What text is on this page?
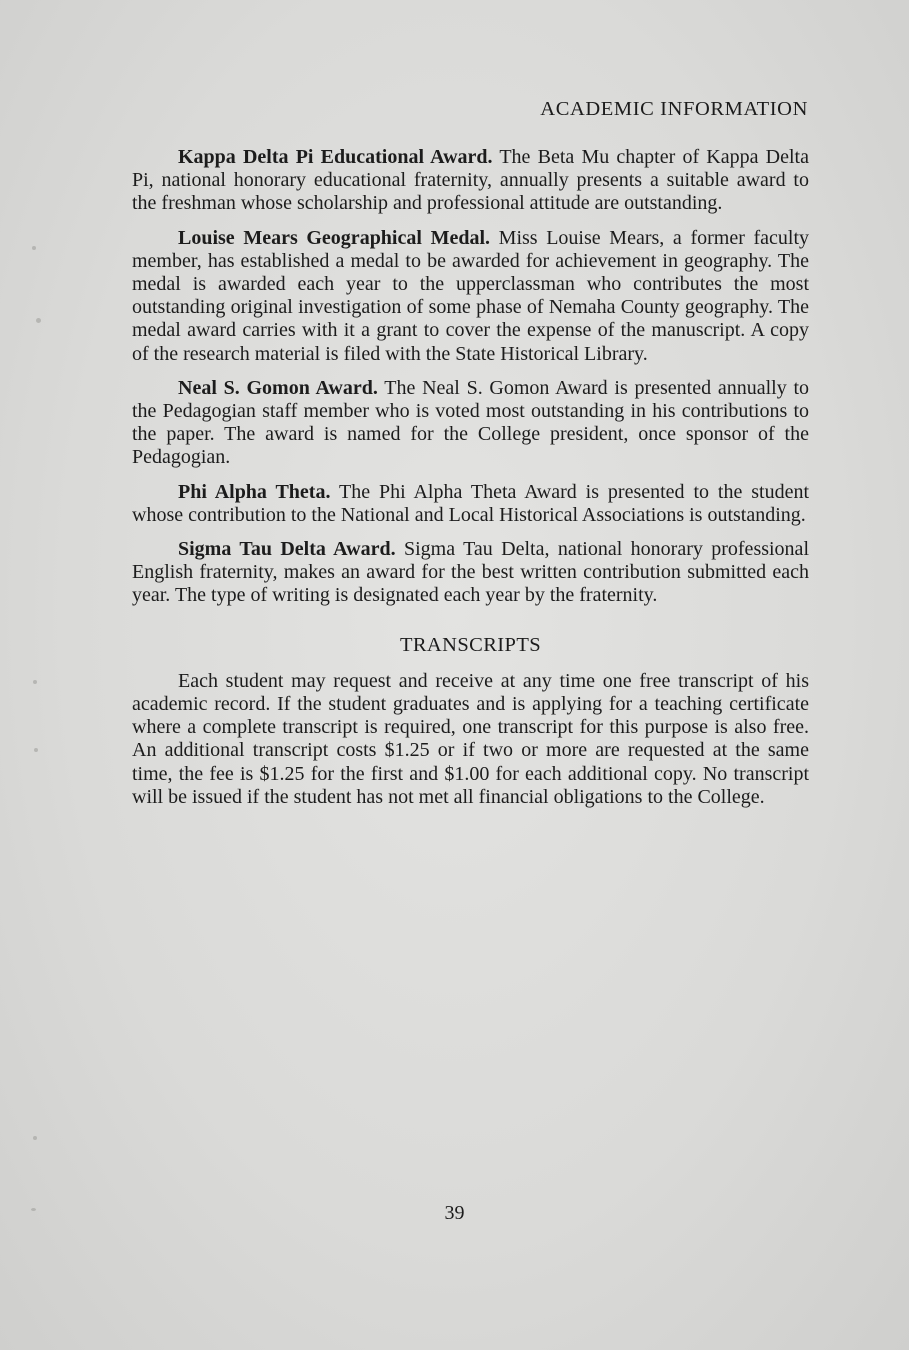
ACADEMIC INFORMATION

Kappa Delta Pi Educational Award. The Beta Mu chapter of Kappa Delta Pi, national honorary educational fraternity, annually presents a suitable award to the freshman whose scholarship and professional attitude are outstanding.

Louise Mears Geographical Medal. Miss Louise Mears, a former faculty member, has established a medal to be awarded for achievement in geography. The medal is awarded each year to the upperclassman who contributes the most outstanding original investigation of some phase of Nemaha County geography. The medal award carries with it a grant to cover the expense of the manuscript. A copy of the research material is filed with the State Historical Library.

Neal S. Gomon Award. The Neal S. Gomon Award is presented annually to the Pedagogian staff member who is voted most outstanding in his contributions to the paper. The award is named for the College president, once sponsor of the Pedagogian.

Phi Alpha Theta. The Phi Alpha Theta Award is presented to the student whose contribution to the National and Local Historical Associations is outstanding.

Sigma Tau Delta Award. Sigma Tau Delta, national honorary professional English fraternity, makes an award for the best written contribution submitted each year. The type of writing is designated each year by the fraternity.

TRANSCRIPTS

Each student may request and receive at any time one free transcript of his academic record. If the student graduates and is applying for a teaching certificate where a complete transcript is required, one transcript for this purpose is also free. An additional transcript costs $1.25 or if two or more are requested at the same time, the fee is $1.25 for the first and $1.00 for each additional copy. No transcript will be issued if the student has not met all financial obligations to the College.

39
